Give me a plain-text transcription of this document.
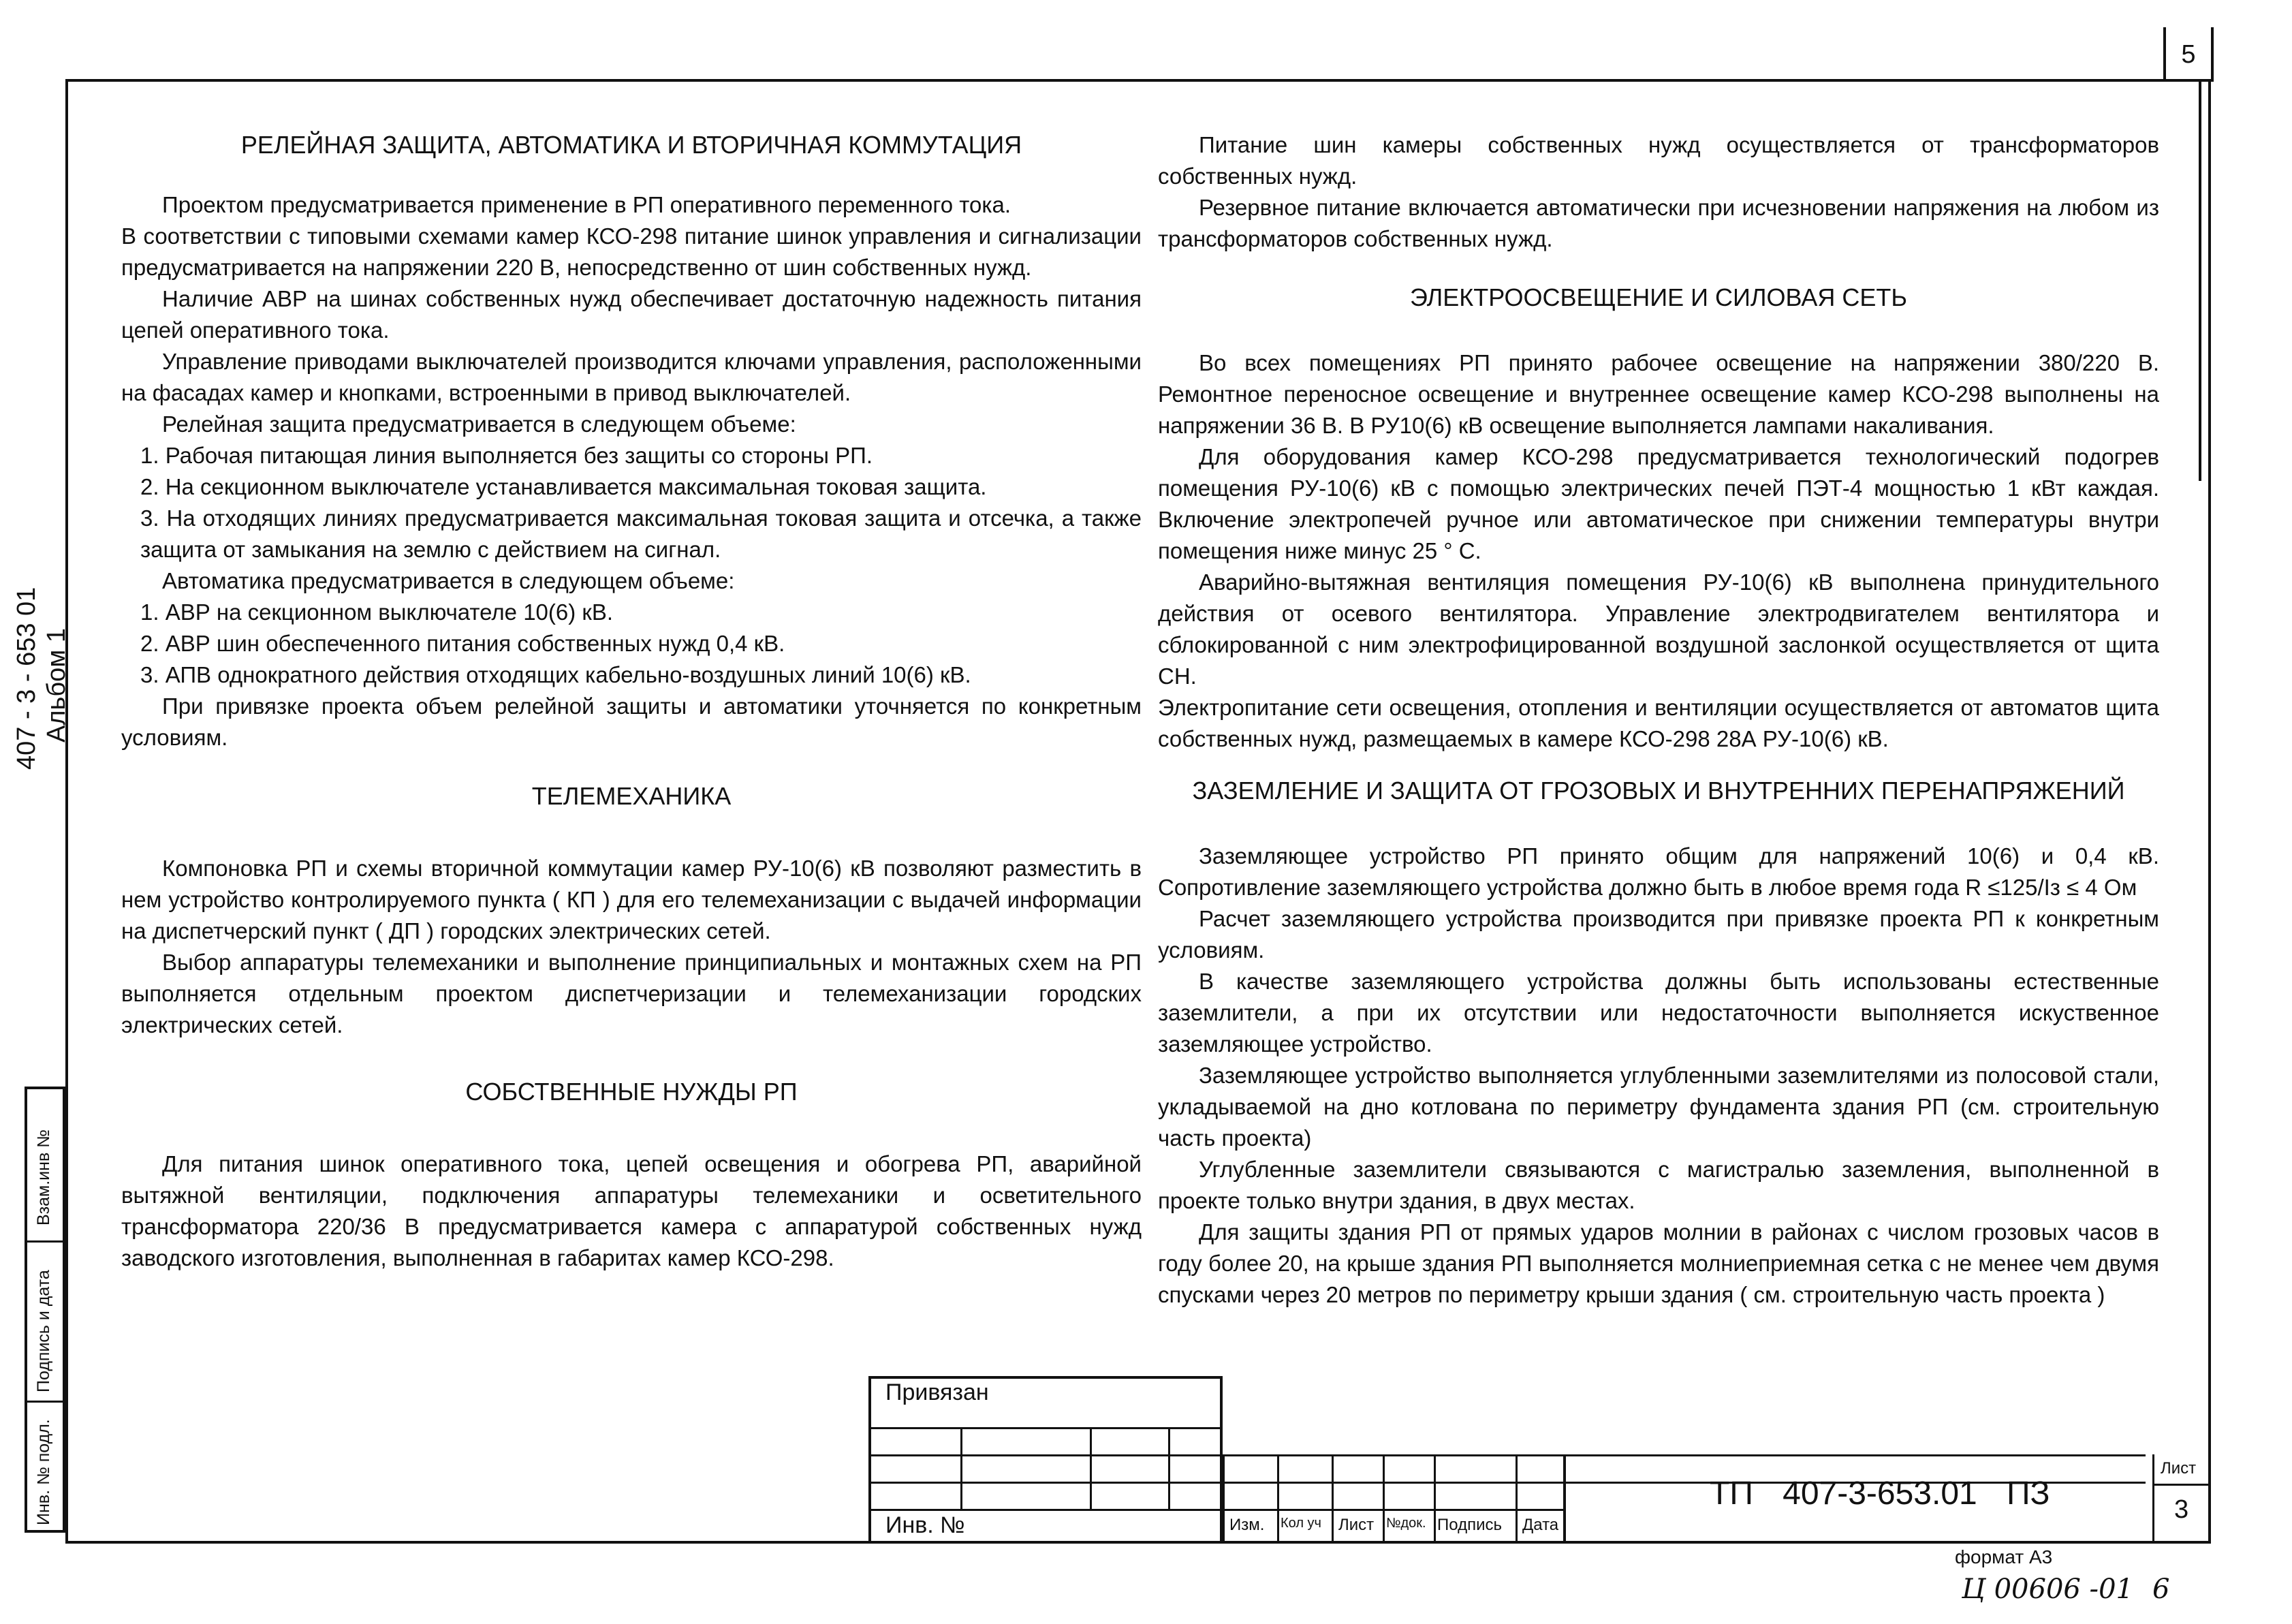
5
407 - 3 - 653 01 Альбом 1
Взам.инв №
Подпись и дата
Инв. № подл.

РЕЛЕЙНАЯ ЗАЩИТА, АВТОМАТИКА И ВТОРИЧНАЯ КОММУТАЦИЯ

Проектом предусматривается применение в РП оперативного переменного тока.

В соответствии с типовыми схемами камер КСО-298 питание шинок управления и сигнализации предусматривается на напряжении 220 В, непосредственно от шин собственных нужд.

Наличие АВР на шинах собственных нужд обеспечивает достаточную надежность питания цепей оперативного тока.

Управление приводами выключателей производится ключами управления, расположенными на фасадах камер и кнопками, встроенными в привод выключателей.

Релейная защита предусматривается в следующем объеме:

1. Рабочая питающая линия выполняется без защиты со стороны РП.

2. На секционном выключателе устанавливается максимальная токовая защита.

3. На отходящих линиях предусматривается максимальная токовая защита и отсечка, а также защита от замыкания на землю с действием на сигнал.

Автоматика предусматривается в следующем объеме:

1. АВР на секционном выключателе 10(6) кВ.

2. АВР шин обеспеченного питания собственных нужд 0,4 кВ.

3. АПВ однократного действия отходящих кабельно-воздушных линий 10(6) кВ.

При привязке проекта объем релейной защиты и автоматики уточняется по конкретным условиям.

ТЕЛЕМЕХАНИКА

Компоновка РП и схемы вторичной коммутации камер РУ-10(6) кВ позволяют разместить в нем устройство контролируемого пункта ( КП ) для его телемеханизации с выдачей информации на диспетчерский пункт ( ДП ) городских электрических сетей.

Выбор аппаратуры телемеханики и выполнение принципиальных и монтажных схем на РП выполняется отдельным проектом диспетчеризации и телемеханизации городских электрических сетей.

СОБСТВЕННЫЕ НУЖДЫ РП

Для питания шинок оперативного тока, цепей освещения и обогрева РП, аварийной вытяжной вентиляции, подключения аппаратуры телемеханики и осветительного трансформатора 220/36 В предусматривается камера с аппаратурой собственных нужд заводского изготовления, выполненная в габаритах камер КСО-298.

Питание шин камеры собственных нужд осуществляется от трансформаторов собственных нужд.

Резервное питание включается автоматически при исчезновении напряжения на любом из трансформаторов собственных нужд.

ЭЛЕКТРООСВЕЩЕНИЕ И СИЛОВАЯ СЕТЬ

Во всех помещениях РП принято рабочее освещение на напряжении 380/220 В. Ремонтное переносное освещение и внутреннее освещение камер КСО-298 выполнены на напряжении 36 В. В РУ10(6) кВ освещение выполняется лампами накаливания.

Для оборудования камер КСО-298 предусматривается технологический подогрев помещения РУ-10(6) кВ с помощью электрических печей ПЭТ-4 мощностью 1 кВт каждая. Включение электропечей ручное или автоматическое при снижении температуры внутри помещения ниже минус 25 ° С.

Аварийно-вытяжная вентиляция помещения РУ-10(6) кВ выполнена принудительного действия от осевого вентилятора. Управление электродвигателем вентилятора и сблокированной с ним электрофицированной воздушной заслонкой осуществляется от щита СН.

Электропитание сети освещения, отопления и вентиляции осуществляется от автоматов щита собственных нужд, размещаемых в камере КСО-298 28А РУ-10(6) кВ.

ЗАЗЕМЛЕНИЕ И ЗАЩИТА ОТ ГРОЗОВЫХ И ВНУТРЕННИХ ПЕРЕНАПРЯЖЕНИЙ

Заземляющее устройство РП принято общим для напряжений 10(6) и 0,4 кВ. Сопротивление заземляющего устройства должно быть в любое время года R ≤125/Iз ≤ 4 Ом

Расчет заземляющего устройства производится при привязке проекта РП к конкретным условиям.

В качестве заземляющего устройства должны быть использованы естественные заземлители, а при их отсутствии или недостаточности выполняется искуственное заземляющее устройство.

Заземляющее устройство выполняется углубленными заземлителями из полосовой стали, укладываемой на дно котлована по периметру фундамента здания РП (см. строительную часть проекта)

Углубленные заземлители связываются с магистралью заземления, выполненной в проекте только внутри здания, в двух местах.

Для защиты здания РП от прямых ударов молнии в районах с числом грозовых часов в году более 20, на крыше здания РП выполняется молниеприемная сетка с не менее чем двумя спусками через 20 метров по периметру крыши здания ( см. строительную часть проекта )

Привязан
Инв. №	Изм. Кол уч Лист №док. Подпись Дата
ТП 407-3-653.01 ПЗ
Лист
3
формат А3
Ц 00606 -01 6
